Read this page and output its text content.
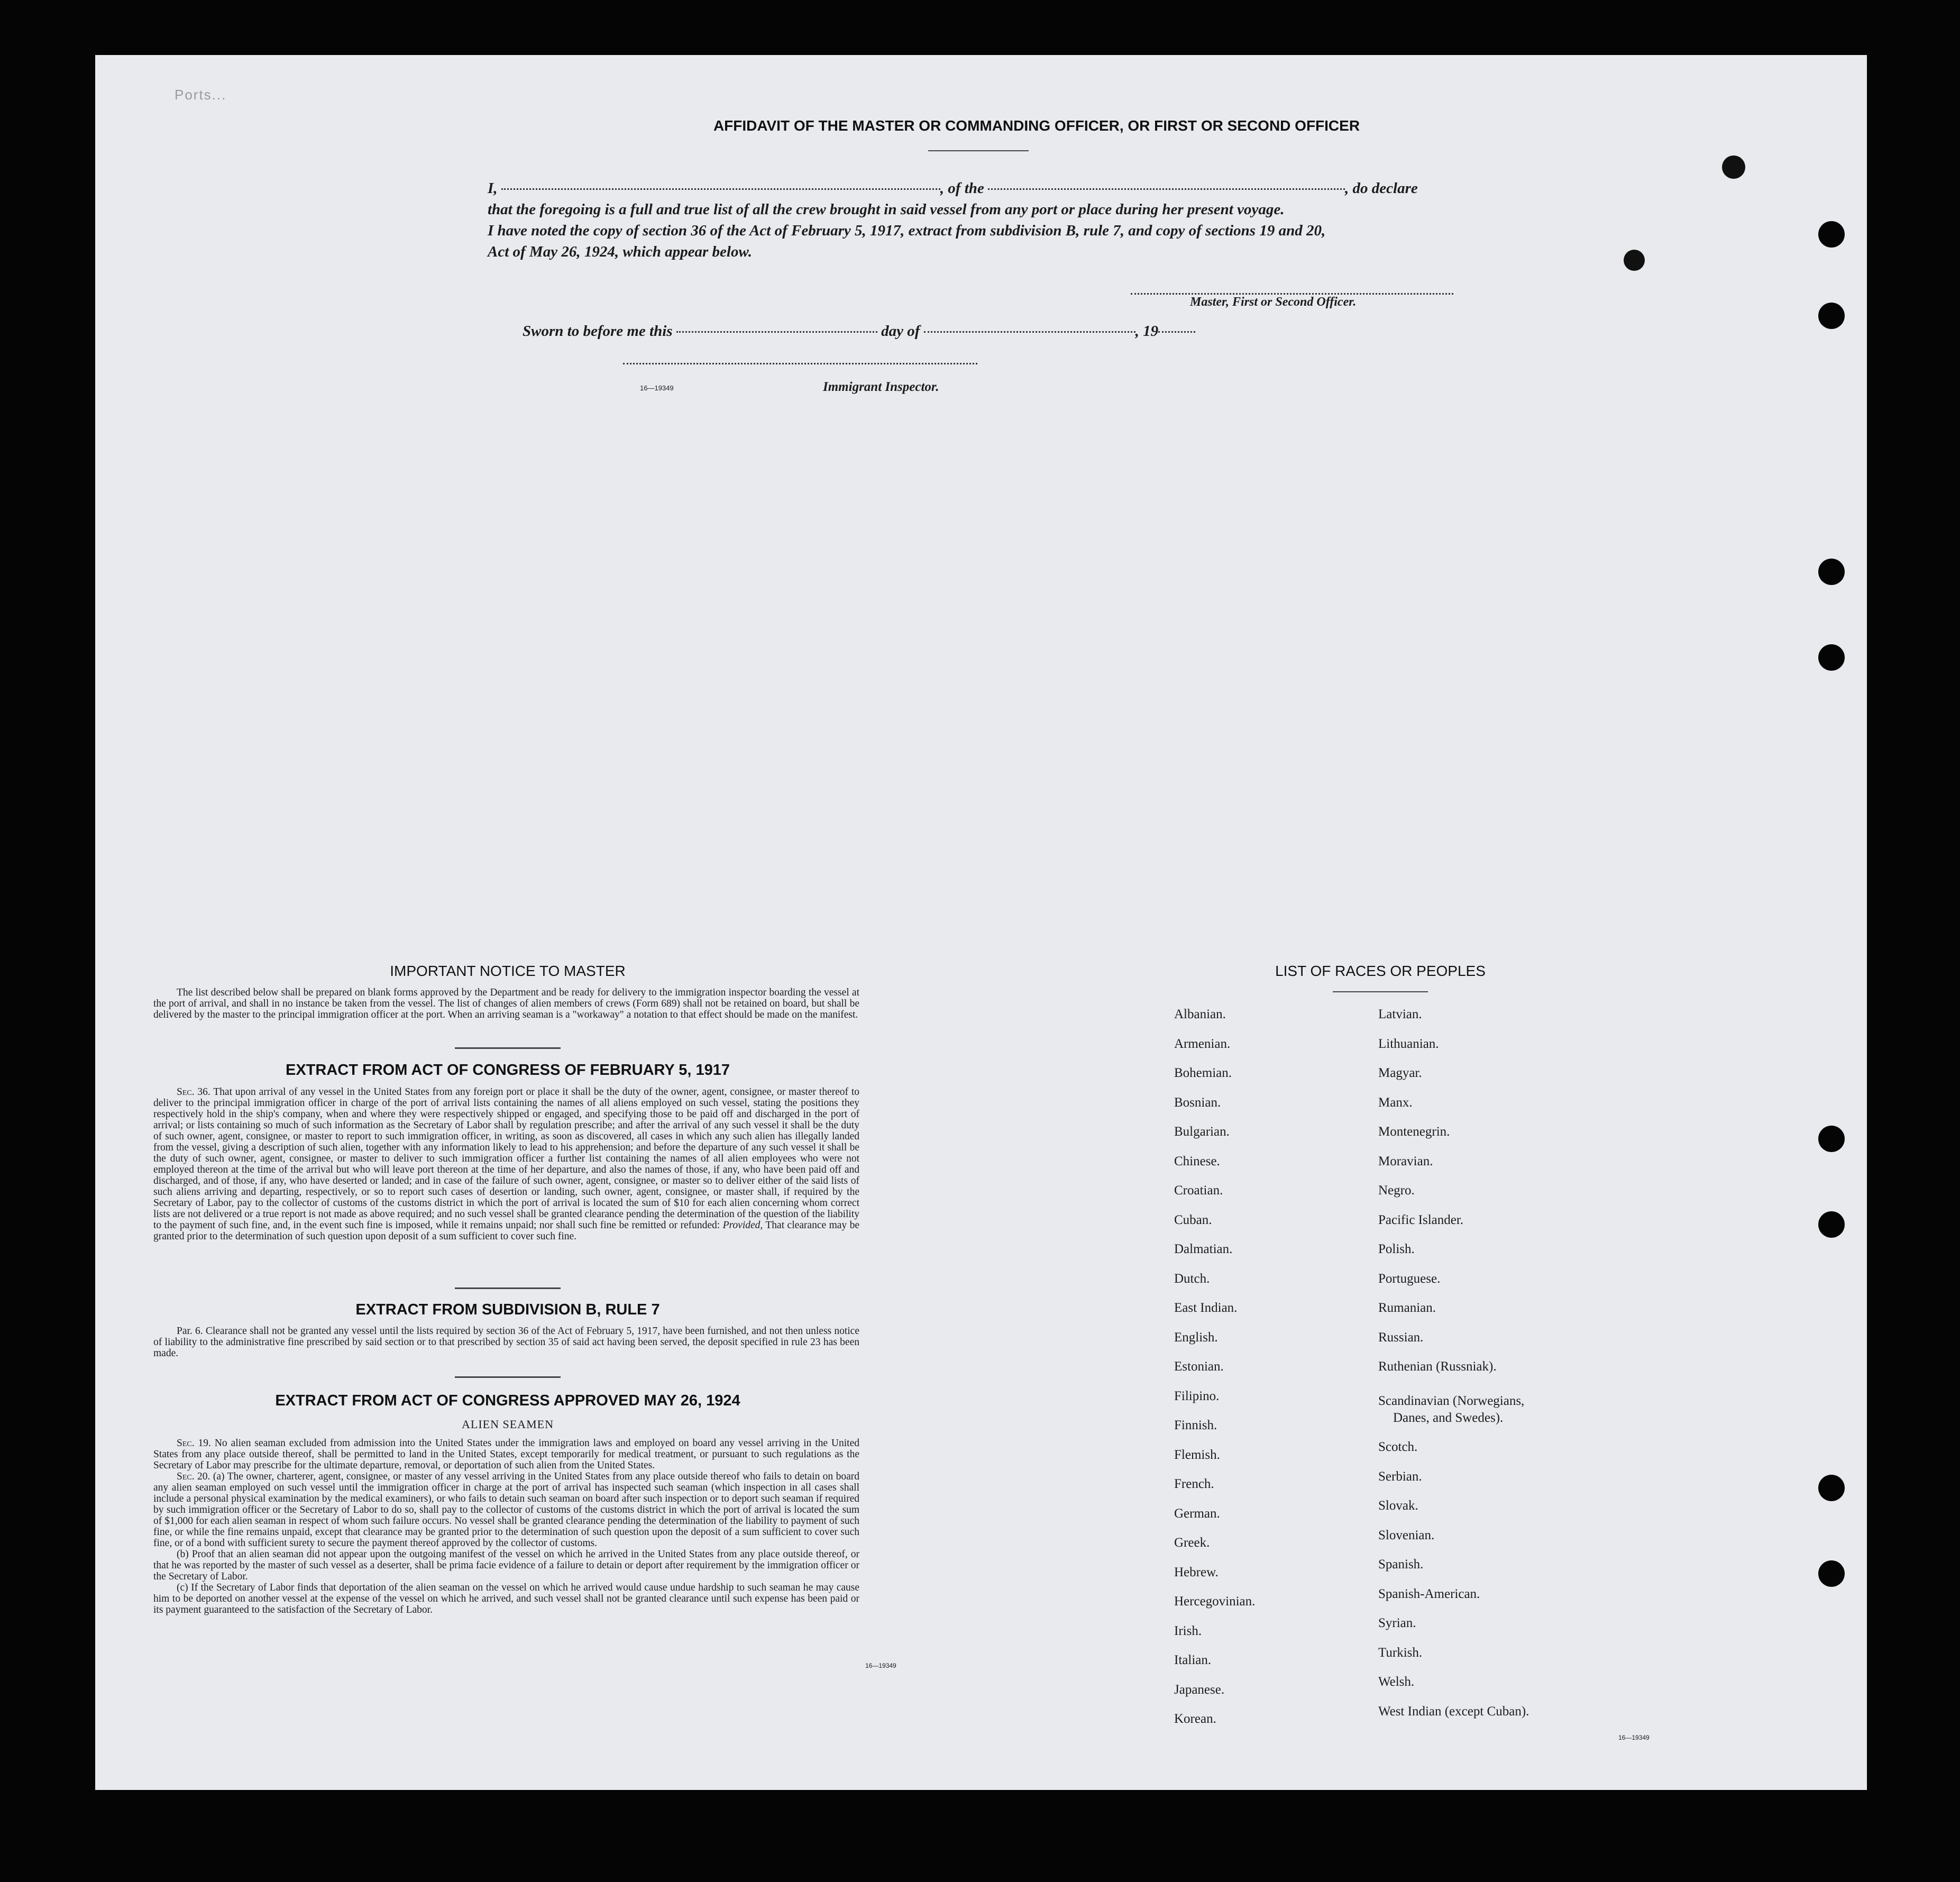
Ports...
AFFIDAVIT OF THE MASTER OR COMMANDING OFFICER, OR FIRST OR SECOND OFFICER
I,	, of the	, do declare
that the foregoing is a full and true list of all the crew brought in said vessel from any port or place during her present voyage.
I have noted the copy of section 36 of the Act of February 5, 1917, extract from subdivision B, rule 7, and copy of sections 19 and 20,
Act of May 26, 1924, which appear below.
Master, First or Second Officer.
Sworn to before me this	day of	, 19
16—19349	Immigrant Inspector.
IMPORTANT NOTICE TO MASTER

The list described below shall be prepared on blank forms approved by the Department and be ready for delivery to the immigration inspector boarding the vessel at the port of arrival, and shall in no instance be taken from the vessel. The list of changes of alien members of crews (Form 689) shall not be retained on board, but shall be delivered by the master to the principal immigration officer at the port. When an arriving seaman is a "workaway" a notation to that effect should be made on the manifest.

EXTRACT FROM ACT OF CONGRESS OF FEBRUARY 5, 1917

Sec. 36. That upon arrival of any vessel in the United States from any foreign port or place it shall be the duty of the owner, agent, consignee, or master thereof to deliver to the principal immigration officer in charge of the port of arrival lists containing the names of all aliens employed on such vessel, stating the positions they respectively hold in the ship's company, when and where they were respectively shipped or engaged, and specifying those to be paid off and discharged in the port of arrival; or lists containing so much of such information as the Secretary of Labor shall by regulation prescribe; and after the arrival of any such vessel it shall be the duty of such owner, agent, consignee, or master to report to such immigration officer, in writing, as soon as discovered, all cases in which any such alien has illegally landed from the vessel, giving a description of such alien, together with any information likely to lead to his apprehension; and before the departure of any such vessel it shall be the duty of such owner, agent, consignee, or master to deliver to such immigration officer a further list containing the names of all alien employees who were not employed thereon at the time of the arrival but who will leave port thereon at the time of her departure, and also the names of those, if any, who have been paid off and discharged, and of those, if any, who have deserted or landed; and in case of the failure of such owner, agent, consignee, or master so to deliver either of the said lists of such aliens arriving and departing, respectively, or so to report such cases of desertion or landing, such owner, agent, consignee, or master shall, if required by the Secretary of Labor, pay to the collector of customs of the customs district in which the port of arrival is located the sum of $10 for each alien concerning whom correct lists are not delivered or a true report is not made as above required; and no such vessel shall be granted clearance pending the determination of the question of the liability to the payment of such fine, and, in the event such fine is imposed, while it remains unpaid; nor shall such fine be remitted or refunded: Provided, That clearance may be granted prior to the determination of such question upon deposit of a sum sufficient to cover such fine.

EXTRACT FROM SUBDIVISION B, RULE 7

Par. 6. Clearance shall not be granted any vessel until the lists required by section 36 of the Act of February 5, 1917, have been furnished, and not then unless notice of liability to the administrative fine prescribed by said section or to that prescribed by section 35 of said act having been served, the deposit specified in rule 23 has been made.

EXTRACT FROM ACT OF CONGRESS APPROVED MAY 26, 1924
ALIEN SEAMEN

Sec. 19. No alien seaman excluded from admission into the United States under the immigration laws and employed on board any vessel arriving in the United States from any place outside thereof, shall be permitted to land in the United States, except temporarily for medical treatment, or pursuant to such regulations as the Secretary of Labor may prescribe for the ultimate departure, removal, or deportation of such alien from the United States.

Sec. 20. (a) The owner, charterer, agent, consignee, or master of any vessel arriving in the United States from any place outside thereof who fails to detain on board any alien seaman employed on such vessel until the immigration officer in charge at the port of arrival has inspected such seaman (which inspection in all cases shall include a personal physical examination by the medical examiners), or who fails to detain such seaman on board after such inspection or to deport such seaman if required by such immigration officer or the Secretary of Labor to do so, shall pay to the collector of customs of the customs district in which the port of arrival is located the sum of $1,000 for each alien seaman in respect of whom such failure occurs. No vessel shall be granted clearance pending the determination of the liability to payment of such fine, or while the fine remains unpaid, except that clearance may be granted prior to the determination of such question upon the deposit of a sum sufficient to cover such fine, or of a bond with sufficient surety to secure the payment thereof approved by the collector of customs.

(b) Proof that an alien seaman did not appear upon the outgoing manifest of the vessel on which he arrived in the United States from any place outside thereof, or that he was reported by the master of such vessel as a deserter, shall be prima facie evidence of a failure to detain or deport after requirement by the immigration officer or the Secretary of Labor.

(c) If the Secretary of Labor finds that deportation of the alien seaman on the vessel on which he arrived would cause undue hardship to such seaman he may cause him to be deported on another vessel at the expense of the vessel on which he arrived, and such vessel shall not be granted clearance until such expense has been paid or its payment guaranteed to the satisfaction of the Secretary of Labor.

16—19349
LIST OF RACES OR PEOPLES
Albanian.
Armenian.
Bohemian.
Bosnian.
Bulgarian.
Chinese.
Croatian.
Cuban.
Dalmatian.
Dutch.
East Indian.
English.
Estonian.
Filipino.
Finnish.
Flemish.
French.
German.
Greek.
Hebrew.
Hercegovinian.
Irish.
Italian.
Japanese.
Korean.
Latvian.
Lithuanian.
Magyar.
Manx.
Montenegrin.
Moravian.
Negro.
Pacific Islander.
Polish.
Portuguese.
Rumanian.
Russian.
Ruthenian (Russniak).
Scandinavian (Norwegians,
Danes, and Swedes).
Scotch.
Serbian.
Slovak.
Slovenian.
Spanish.
Spanish-American.
Syrian.
Turkish.
Welsh.
West Indian (except Cuban).
16—19349
